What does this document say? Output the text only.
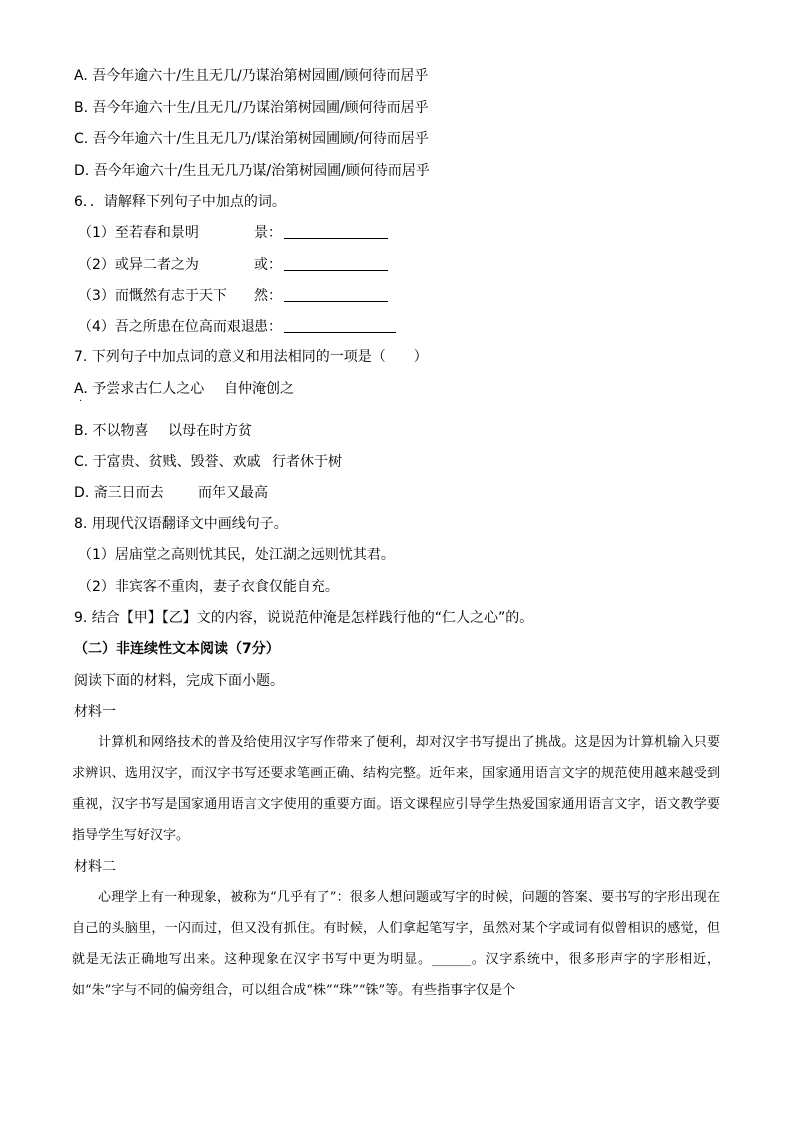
A. 吾今年逾六十/生且无几/乃谋治第树园圃/顾何待而居乎
B. 吾今年逾六十生/且无几/乃谋治第树园圃/顾何待而居乎
C. 吾今年逾六十/生且无几乃/谋治第树园圃顾/何待而居乎
D. 吾今年逾六十/生且无几乃谋/治第树园圃/顾何待而居乎
6．．请解释下列句子中加点的词。
（1）至若春和景明	景：
（2）或异二者之为	或：
（3）而慨然有志于天下 然：
（4）吾之所患在位高而艰退 患：
7. 下列句子中加点词的意义和用法相同的一项是（　　）
A. 予尝求古仁人之心 自仲淹创之
·
B. 不以物喜 以母在时方贫
C. 于富贵、贫贱、毁誉、欢戚 行者休于树
D. 斋三日而去 而年又最高
8. 用现代汉语翻译文中画线句子。
（1）居庙堂之高则忧其民，处江湖之远则忧其君。
（2）非宾客不重肉，妻子衣食仅能自充。
9. 结合【甲】【乙】文的内容，说说范仲淹是怎样践行他的“仁人之心”的。
（二）非连续性文本阅读（7分）
阅读下面的材料，完成下面小题。
材料一
计算机和网络技术的普及给使用汉字写作带来了便利，却对汉字书写提出了挑战。这是因为计算机输入只要求辨识、选用汉字，而汉字书写还要求笔画正确、结构完整。近年来，国家通用语言文字的规范使用越来越受到重视，汉字书写是国家通用语言文字使用的重要方面。语文课程应引导学生热爱国家通用语言文字，语文教学要指导学生写好汉字。
材料二
心理学上有一种现象，被称为“几乎有了”：很多人想问题或写字的时候，问题的答案、要书写的字形出现在自己的头脑里，一闪而过，但又没有抓住。有时候，人们拿起笔写字，虽然对某个字或词有似曾相识的感觉，但就是无法正确地写出来。这种现象在汉字书写中更为明显。______。汉字系统中，很多形声字的字形相近，如“朱”字与不同的偏旁组合，可以组合成“株”“珠”“铢”等。有些指事字仅是个
